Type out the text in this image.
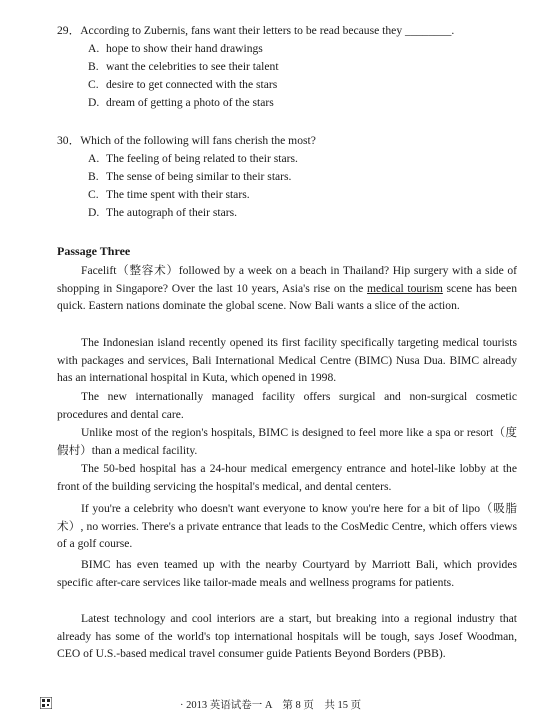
29．According to Zubernis, fans want their letters to be read because they ________.
A. hope to show their hand drawings
B. want the celebrities to see their talent
C. desire to get connected with the stars
D. dream of getting a photo of the stars
30．Which of the following will fans cherish the most?
A. The feeling of being related to their stars.
B. The sense of being similar to their stars.
C. The time spent with their stars.
D. The autograph of their stars.
Passage Three
Facelift（整容术）followed by a week on a beach in Thailand? Hip surgery with a side of shopping in Singapore? Over the last 10 years, Asia's rise on the medical tourism scene has been quick. Eastern nations dominate the global scene. Now Bali wants a slice of the action.
The Indonesian island recently opened its first facility specifically targeting medical tourists with packages and services, Bali International Medical Centre (BIMC) Nusa Dua. BIMC already has an international hospital in Kuta, which opened in 1998.
The new internationally managed facility offers surgical and non-surgical cosmetic procedures and dental care.
Unlike most of the region's hospitals, BIMC is designed to feel more like a spa or resort（度假村）than a medical facility.
The 50-bed hospital has a 24-hour medical emergency entrance and hotel-like lobby at the front of the building servicing the hospital's medical, and dental centers.
If you're a celebrity who doesn't want everyone to know you're here for a bit of lipo（吸脂术）, no worries. There's a private entrance that leads to the CosMedic Centre, which offers views of a golf course.
BIMC has even teamed up with the nearby Courtyard by Marriott Bali, which provides specific after-care services like tailor-made meals and wellness programs for patients.
Latest technology and cool interiors are a start, but breaking into a regional industry that already has some of the world's top international hospitals will be tough, says Josef Woodman, CEO of U.S.-based medical travel consumer guide Patients Beyond Borders (PBB).
· 2013 英语试卷一 A　第 8 页　共 15 页
